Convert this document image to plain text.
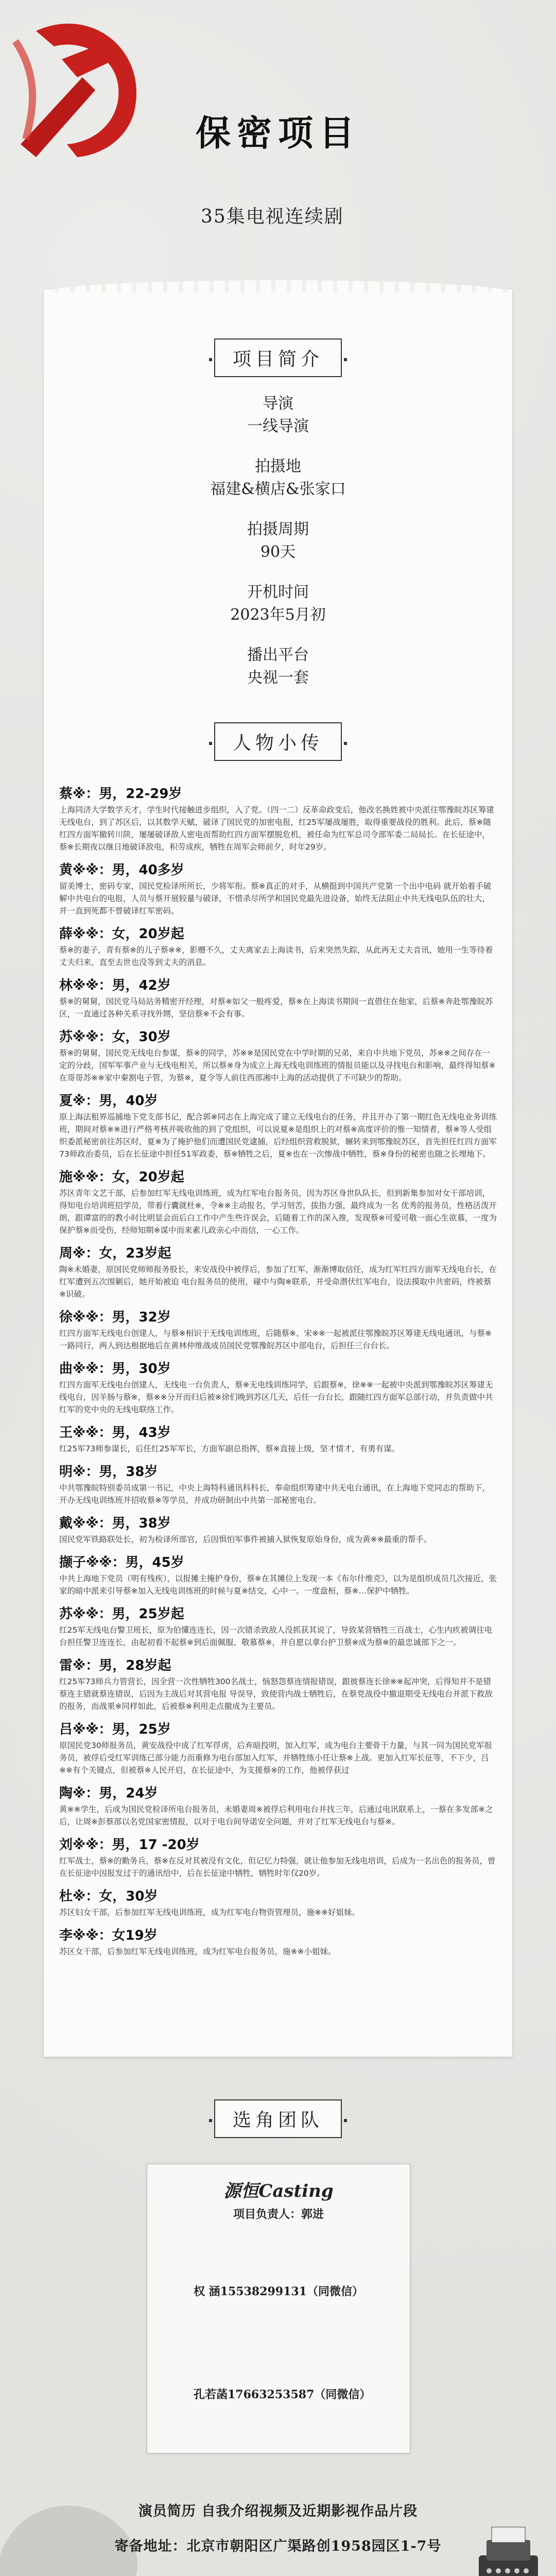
保密项目
35集电视连续剧
项目简介
导演
一线导演
拍摄地
福建&横店&张家口
拍摄周期
90天
开机时间
2023年5月初
播出平台
央视一套
人物小传
蔡※：男，22-29岁
上海同济大学数学天才，学生时代接触进步组织，入了党。（四一二）反革命政变后，他改名换姓被中央派往鄂豫皖苏区筹建无线电台，到了苏区后，以其数学天赋，破译了国民党的加密电报，红25军屡战屡胜，取得重要战役的胜利。此后，蔡※随红四方面军撤转川陕，屡屡破译敌人密电而帮助红四方面军摆脱危机，被任命为红军总司令部军委二局局长。在长征途中，蔡※长期夜以继日地破译敌电，积劳成疾，牺牲在周军会师前夕，时年29岁。
黄※※：男，40多岁
留美博士，密码专家，国民党检译所所长，少将军衔。蔡※真正的对手，从横挺到中国共产党第一个出中电码 就开始着手破解中共电台的电报，人员与蔡开展较量与破译，不惜杀尽所学和国民党最先进设备，始终无法阻止中共无线电队伍的壮大，并一直到死都不曾破译红军密码。
薛※※：女，20岁起
蔡※的妻子，青有蔡※的儿子蔡※※，影赠不久，丈夫离家去上海读书，后来突然失踪，从此再无丈夫音讯，她用一生等待着丈夫归来，直至去世也没等到丈夫的消息。
林※※：男，42岁
蔡※的舅舅，国民党马局站务精密开经理，对蔡※如父一般疼爱，蔡※在上海读书期间一直借住在他家，后蔡※奔赴鄂豫皖苏区，一直通过各种关系寻找外甥，坚信蔡※不会有事。
苏※※：女，30岁
蔡※的舅舅，国民党无线电台参谋，蔡※的同学，苏※※是国民党在中学时期的兄弟，来自中共地下党员，苏※※之间存在一定的分歧，国军军事产业与无线电相关，所以蔡※身为成立上海无线电训练班的情报员能以及寻找电台和影响，最终得知蔡※在哥哥苏※※家中秦割电子管，为蔡※，夏令等人前往西部湘中上海的活动提供了不可缺少的帮助。
夏※：男，40岁
原上海法租界巡捕地下党支部书记，配合郭※同志在上海完成了建立无线电台的任务，并且开办了第一期红色无线电业务训练班，期间对蔡※※进行严格考核并吸收他的到了党组织，可以说夏※是组织上的对蔡※高度评价的惟一知情者，蔡※等人受组织委派秘密前往苏区时，夏※为了掩护他们而遭国民党逮捕，后经组织营救脱狱，辗转来到鄂豫皖苏区，首先担任红四方面军73师政治委员，后在长征途中担任51军政委，蔡※牺牲之后，夏※也在一次惨战中牺牲，蔡※身份的秘密也随之长埋地下。
施※※：女，20岁起
苏区青年文艺干部，后参加红军无线电训练班，成为红军电台报务员，因为苏区身世队队长，但到新集参加对女干部培训，得知电台培训班招学员，带着行囊就杜※，令※※主动报名，学习刻苦，拔指力强，最终成为一名 优秀的报务员，性格活泼开朗，跟谭富的的教小时比明显会而后白工作中产生些许误会，后随着工作的深入推，发现蔡※可爱可敬一面心生欲慕，一度为保护蔡※而受伤，经师知期※谋中而来素儿政亲心中而信，一心工作。
周※：女，23岁起
陶※未婚妻，原国民党师师报务股长，来安战役中被俘后，参加了红军，渐渐博取信任，成为红军红四方面军无线电台长，在红军遭到五次围剿后，她开始被迫 电台报务员的使用，碰中与陶※联系，并受命潜伏红军电台，设法摸取中共密码，终被蔡※识破。
徐※※：男，32岁
红四方面军无线电台创建人，与蔡※相识于无线电训练班，后随蔡※、宋※※一起被派往鄂豫皖苏区筹建无线电通讯，与蔡※一路同行，两人到达根据地后在黄林仲维战成员国民党鄂豫皖苏区中部电台，后担任三台台长。
曲※※：男，30岁
红四方面军无线电台创建人，无线电一台负责人，蔡※无电线训练同学，后跟蔡※，徐※※一起被中央派到鄂豫皖苏区筹建无线电台，因羊肠与蔡※，蔡※※分开而归后被※徐们晚到苏区几天，后任一台台长，跟随红四方面军总部行动，并负责做中共红军的党中央的无线电联络工作。
王※※：男，43岁
红25军73师参谋长，后任红25军军长，方面军副总指挥，蔡※直接上级，坚才情才，有勇有谋。
明※：男，38岁
中共鄂豫皖特别委员成第一书记，中央上海特科通讯科科长，奉命组织筹建中共无电台通讯，在上海地下党同志的帮助下，开办无线电训练班并招收蔡※等学员，并成功研制出中共第一部秘密电台。
戴※※：男，38岁
国民党军铁路联处长，初为检译所部官，后因惧怕军事件被捕入狱恢复原始身份，成为黄※※最重的帮手。
撷子※※：男，45岁
中共上海地下党员（明有残疾），以报摊主掩护身份，蔡※在其摊位上发现一本《布尔什维克》，以为是组织成员几次接近，张家的暗中派来引导蔡※加入无线电训练班的时候与夏※结交，心中一。一度盘桓，蔡※…保护中牺牲。
苏※※：男，25岁起
红25军无线电台警卫班长，原为伯懂连连长，因一次错杀致敌人没抓获其说了，导致某营牺牲三百战士，心生内疚被调往电台担任警卫连连长，由起初看不起蔡※到后面佩服、敬慕蔡※，并自愿以拿台护卫蔡※成为蔡※的最忠诚部下之一。
雷※：男，28岁起
红25军73师兵力管营长，因全营一次性牺牲300名战士，恼怒怨蔡连情报错误，跟彼蔡连长徐※※起冲突，后得知并不是错蔡连主错就蔡连错误，后因为主战后对其营电报 导误导，致使营内战士牺牲后，在蔡党战役中撤退期受无线电台并派下救敌的报务，而战果※同样如此，后被蔡※利用走点撤成为主要员。
吕※※：男，25岁
原国民党30师报务员，黄安战役中成了红军俘虏，后弃暗投明，加入红军，成为电台主要骨干力量，与其一同为国民党军报务员，被俘后受红军训练已部分能力而重修为电台部加入红军，并牺牲练小任让蔡※上战。更加入红军长征等，不下少，吕※※有个关键点，但被蔡※人民开启，在长征途中，为支援蔡※的工作，他被俘获过
陶※：男，24岁
黄※※学生，后成为国民党检译所电台报务员，未婚妻周※被俘后利用电台并找三年，后通过电讯联系上，一蔡在多发部※之后，让周※彭蔡部以名党国家密情报，以对于电台间导诺安全问题，并对了红军无线电台与蔡※。
刘※※：男，17 -20岁
红军战士，蔡※的勤务兵，蔡※在反对其被没有文化，但记忆力特强，就让他参加无线电培训，后成为一名出色的报务员，曾在长征途中因报发过于的通讯给中，后在长征途中牺牲，牺牲时年仅20岁。
杜※：女，30岁
苏区妇女干部，后参加红军无线电训练班，成为红军电台物资管理员，施※※好姐妹。
李※※：女19岁
苏区女干部，后参加红军无线电训练班，成为红军电台报务员，施※※小姐妹。
选角团队
源恒Casting
项目负责人：郭进
权 涵15538299131（同微信）
孔若菡17663253587（同微信）
演员简历 自我介绍视频及近期影视作品片段
寄备地址：北京市朝阳区广渠路创1958园区1-7号
